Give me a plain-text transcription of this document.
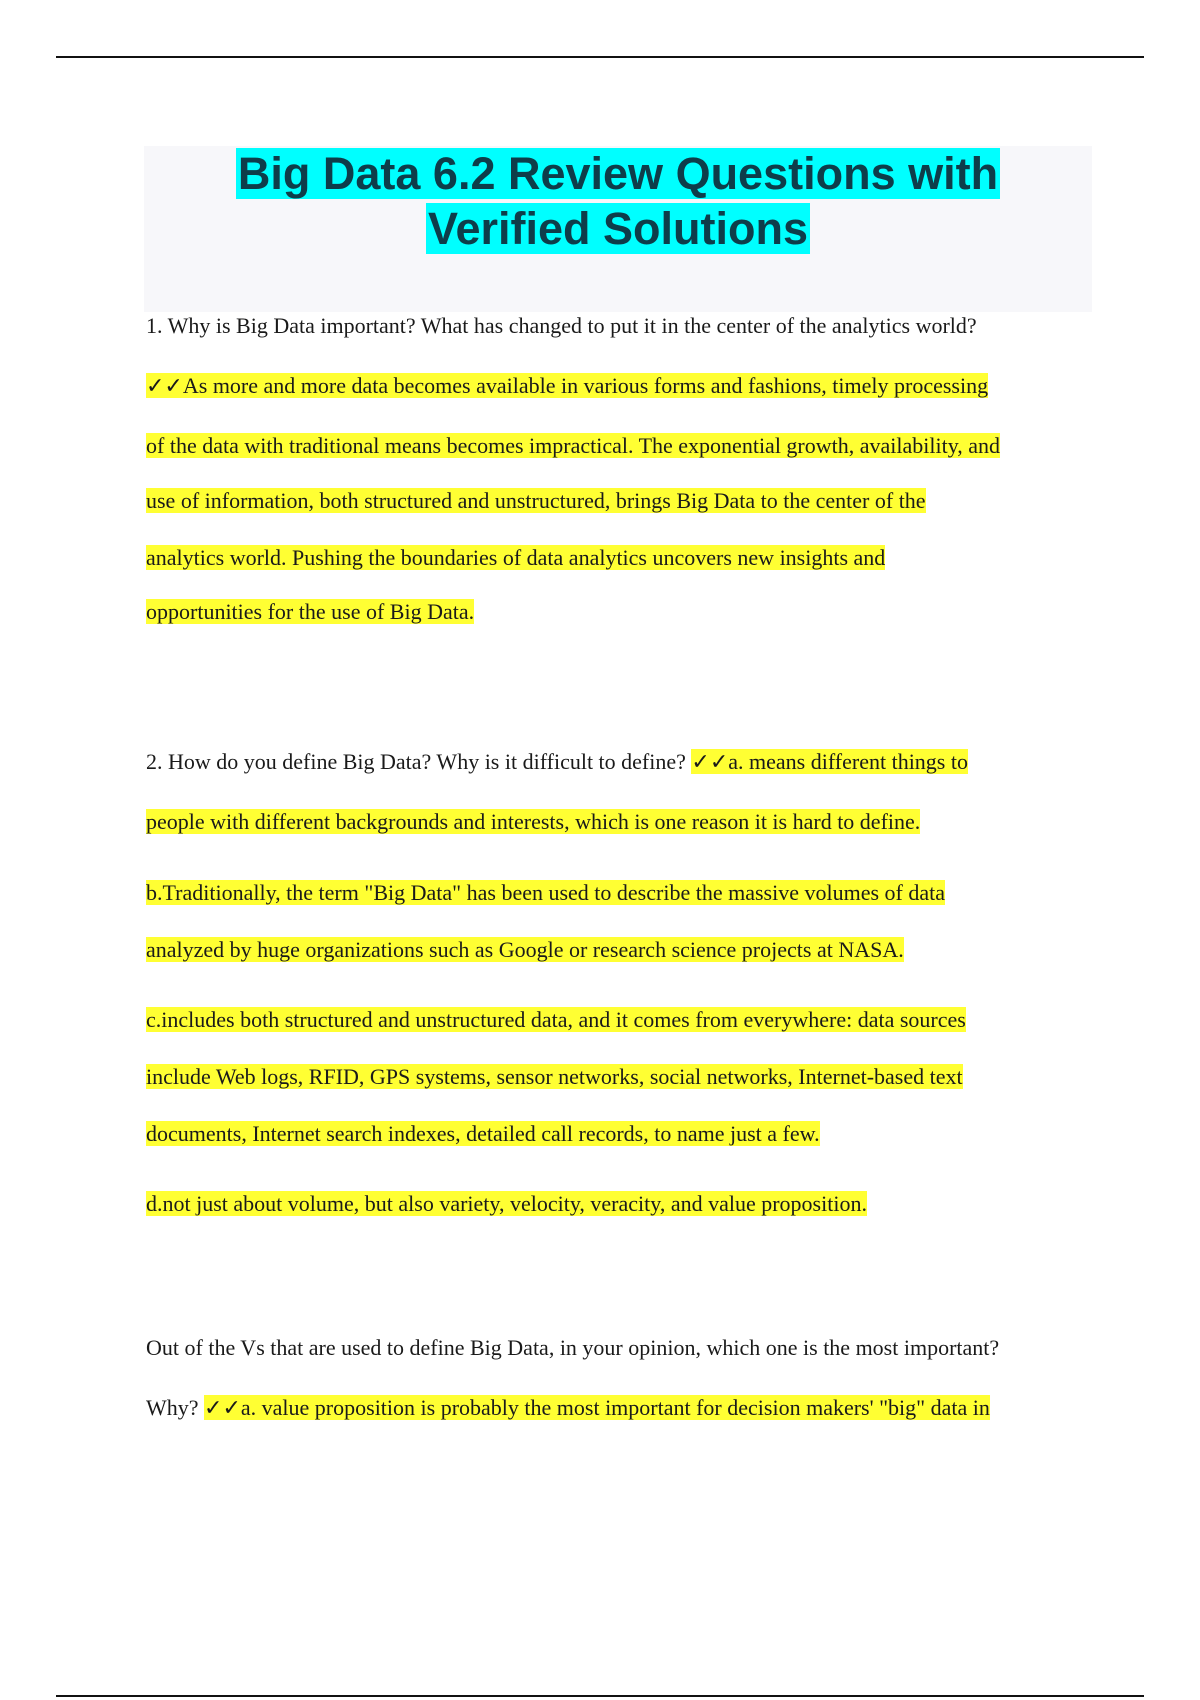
Big Data 6.2 Review Questions with
Verified Solutions
1. Why is Big Data important? What has changed to put it in the center of the analytics world?
✓✓As more and more data becomes available in various forms and fashions, timely processing
of the data with traditional means becomes impractical. The exponential growth, availability, and
use of information, both structured and unstructured, brings Big Data to the center of the
analytics world. Pushing the boundaries of data analytics uncovers new insights and
opportunities for the use of Big Data.
2. How do you define Big Data? Why is it difficult to define? ✓✓a. means different things to
people with different backgrounds and interests, which is one reason it is hard to define.
b.Traditionally, the term "Big Data" has been used to describe the massive volumes of data
analyzed by huge organizations such as Google or research science projects at NASA.
c.includes both structured and unstructured data, and it comes from everywhere: data sources
include Web logs, RFID, GPS systems, sensor networks, social networks, Internet-based text
documents, Internet search indexes, detailed call records, to name just a few.
d.not just about volume, but also variety, velocity, veracity, and value proposition.
Out of the Vs that are used to define Big Data, in your opinion, which one is the most important?
Why? ✓✓a. value proposition is probably the most important for decision makers' "big" data in
